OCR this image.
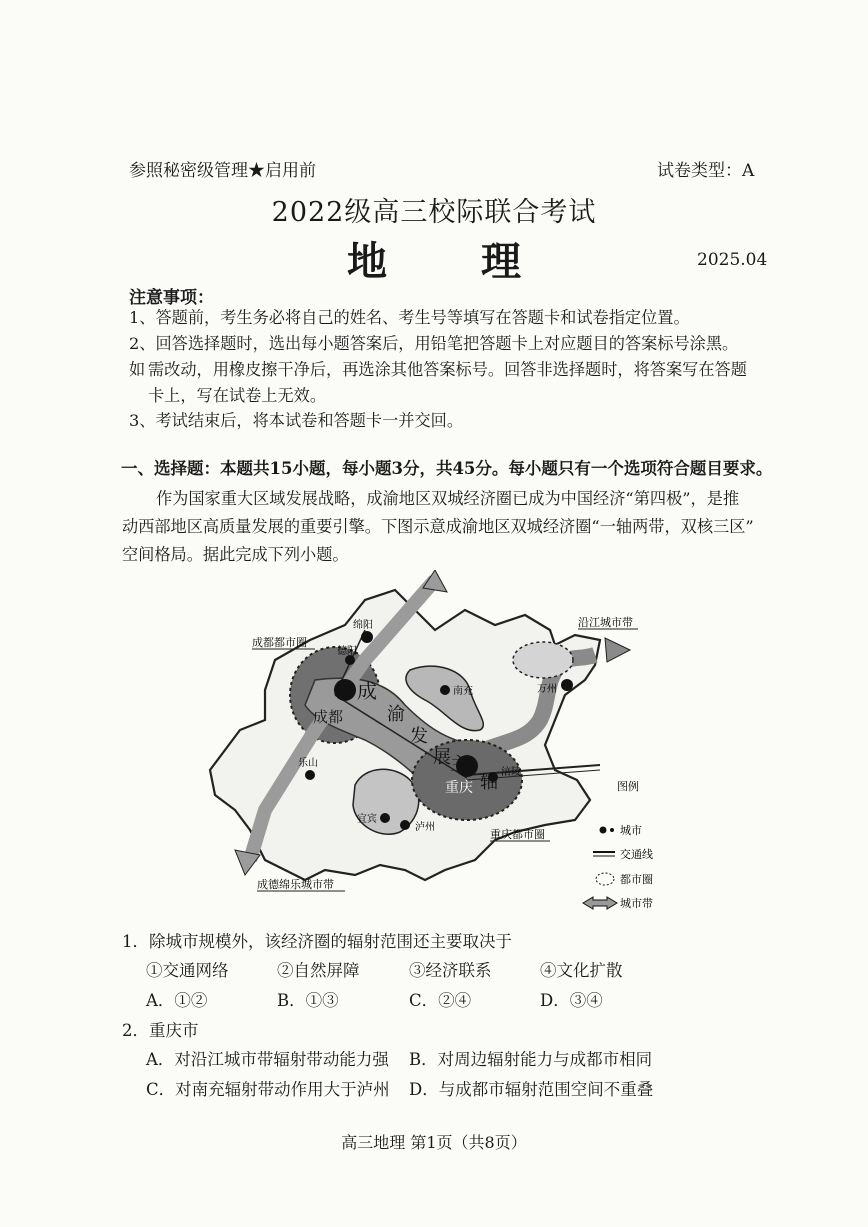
参照秘密级管理★启用前	试卷类型：A
2022级高三校际联合考试
地 理	2025.04
注意事项：
1、答题前，考生务必将自己的姓名、考生号等填写在答题卡和试卷指定位置。
2、回答选择题时，选出每小题答案后，用铅笔把答题卡上对应题目的答案标号涂黑。如 需改动，用橡皮擦干净后，再选涂其他答案标号。回答非选择题时，将答案写在答题
卡上，写在试卷上无效。
3、考试结束后，将本试卷和答题卡一并交回。
一、选择题：本题共15小题，每小题3分，共45分。每小题只有一个选项符合题目要求。
作为国家重大区域发展战略，成渝地区双城经济圈已成为中国经济“第四极”，是推
动西部地区高质量发展的重要引擎。下图示意成渝地区双城经济圈“一轴两带，双核三区”
空间格局。据此完成下列小题。
绵阳
德阳
南充
乐山
宜宾
泸州
涪陵
万州
成
渝
发
展 主
轴
成都
重庆
成都都市圈
沿江城市带
重庆都市圈
成德绵乐城市带
图例
城市
交通线
都市圈
城市带
1．除城市规模外，该经济圈的辐射范围还主要取决于
①交通网络	②自然屏障	③经济联系	④文化扩散
A．①②	B．①③	C．②④	D．③④
2．重庆市
A．对沿江城市带辐射带动能力强 B．对周边辐射能力与成都市相同
C．对南充辐射带动作用大于泸州 D．与成都市辐射范围空间不重叠
高三地理 第1页（共8页）
